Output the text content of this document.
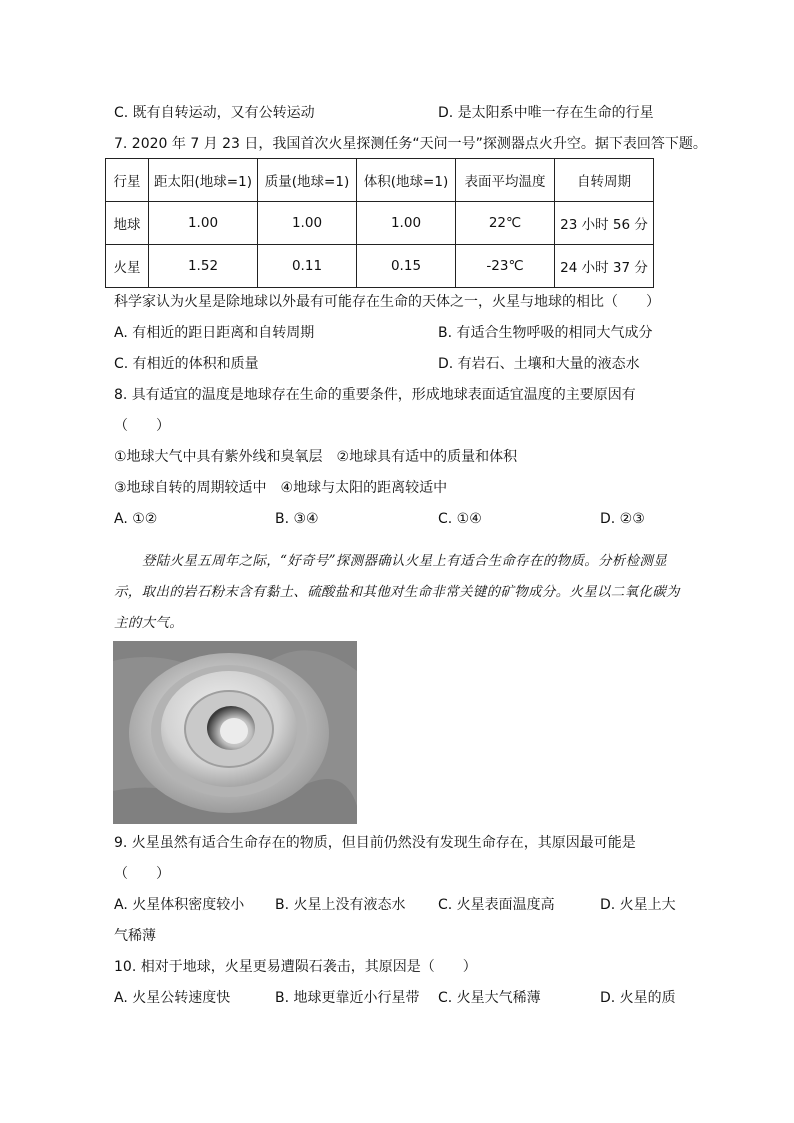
C. 既有自转运动，又有公转运动	D. 是太阳系中唯一存在生命的行星
7. 2020 年 7 月 23 日，我国首次火星探测任务“天问一号”探测器点火升空。据下表回答下题。
行星	距太阳(地球=1)	质量(地球=1)	体积(地球=1)	表面平均温度	自转周期
地球	1.00	1.00	1.00	22℃	23 小时 56 分
火星	1.52	0.11	0.15	-23℃	24 小时 37 分
科学家认为火星是除地球以外最有可能存在生命的天体之一，火星与地球的相比（　　）
A. 有相近的距日距离和自转周期	B. 有适合生物呼吸的相同大气成分
C. 有相近的体积和质量	D. 有岩石、土壤和大量的液态水
8. 具有适宜的温度是地球存在生命的重要条件，形成地球表面适宜温度的主要原因有
（　　）
①地球大气中具有紫外线和臭氧层　②地球具有适中的质量和体积
③地球自转的周期较适中　④地球与太阳的距离较适中
A. ①②	B. ③④	C. ①④	D. ②③

登陆火星五周年之际，“好奇号”探测器确认火星上有适合生命存在的物质。分析检测显示，取出的岩石粉末含有黏土、硫酸盐和其他对生命非常关键的矿物成分。火星以二氧化碳为主的大气。

9. 火星虽然有适合生命存在的物质，但目前仍然没有发现生命存在，其原因最可能是
（　　）
A. 火星体积密度较小 B. 火星上没有液态水 C. 火星表面温度高	D. 火星上大
气稀薄
10. 相对于地球，火星更易遭陨石袭击，其原因是（　　）
A. 火星公转速度快	B. 地球更靠近小行星带 C. 火星大气稀薄	D. 火星的质
